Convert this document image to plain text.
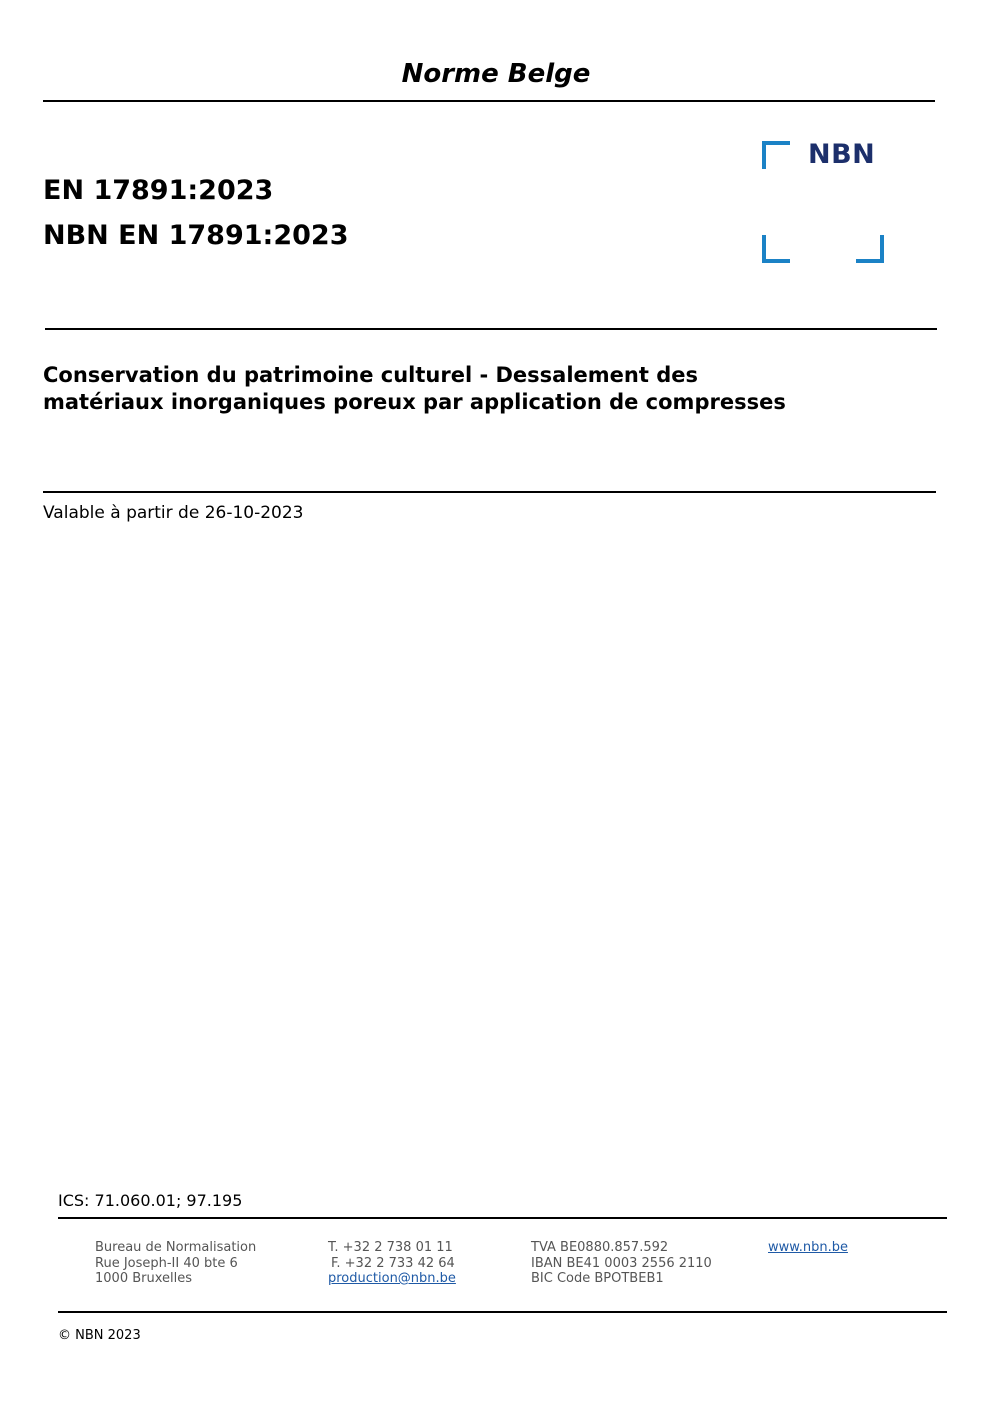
Norme Belge
EN 17891:2023
NBN EN 17891:2023
NBN
Conservation du patrimoine culturel - Dessalement des
matériaux inorganiques poreux par application de compresses
Valable à partir de 26-10-2023
ICS: 71.060.01; 97.195
Bureau de Normalisation
Rue Joseph-II 40 bte 6
1000 Bruxelles
T. +32 2 738 01 11
F. +32 2 733 42 64
production@nbn.be
TVA BE0880.857.592
IBAN BE41 0003 2556 2110
BIC Code BPOTBEB1
www.nbn.be
© NBN 2023
